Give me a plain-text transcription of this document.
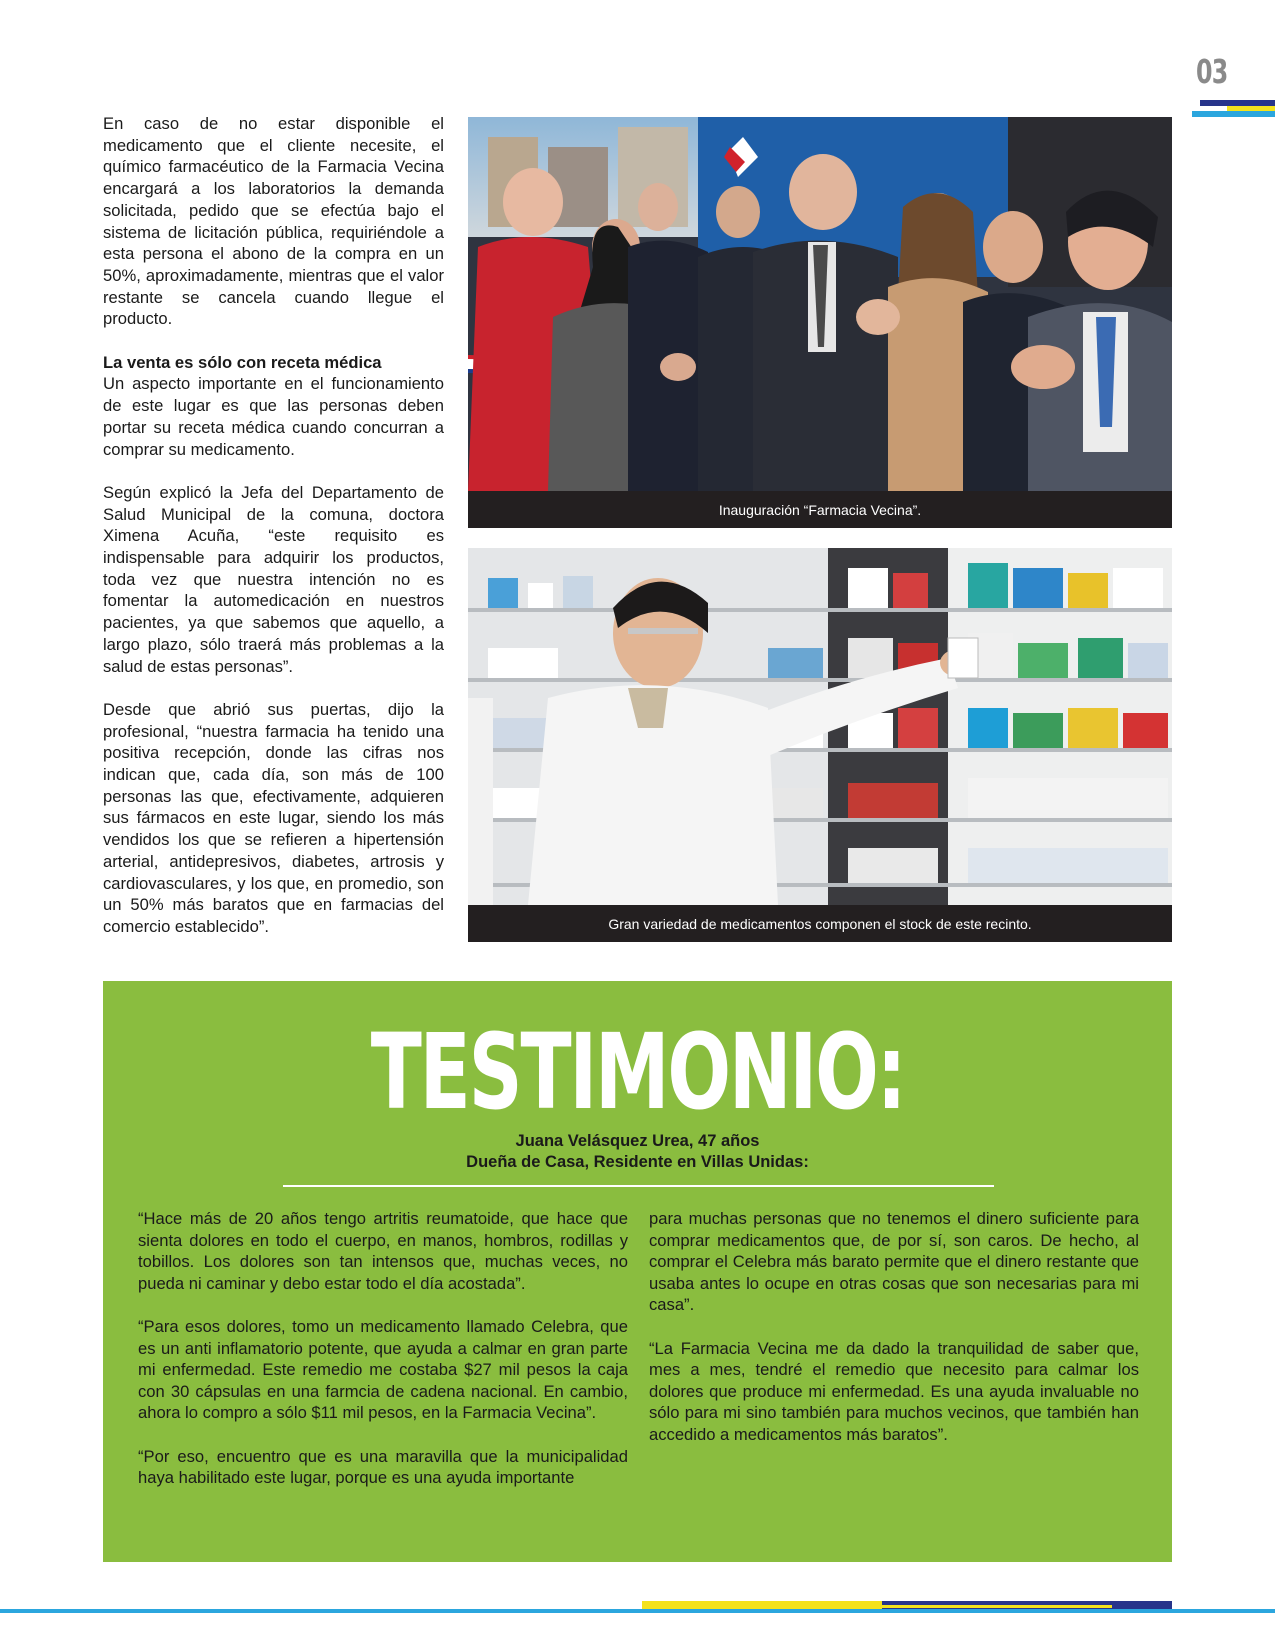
03

En caso de no estar disponible el medicamento que el cliente necesite, el químico farmacéutico de la Farmacia Vecina encargará a los laboratorios la demanda solicitada, pedido que se efectúa bajo el sistema de licitación pública, requiriéndole a esta persona el abono de la compra en un 50%, aproximadamente, mientras que el valor restante se cancela cuando llegue el producto.

La venta es sólo con receta médica

Un aspecto importante en el funcionamiento de este lugar es que las personas deben portar su receta médica cuando concurran a comprar su medicamento.

Según explicó la Jefa del Departamento de Salud Municipal de la comuna, doctora Ximena Acuña, “este requisito es indispensable para adquirir los productos, toda vez que nuestra intención no es fomentar la automedicación en nuestros pacientes, ya que sabemos que aquello, a largo plazo, sólo traerá más problemas a la salud de estas personas”.

Desde que abrió sus puertas, dijo la profesional, “nuestra farmacia ha tenido una positiva recepción, donde las cifras nos indican que, cada día, son más de 100 personas las que, efectivamente, adquieren sus fármacos en este lugar, siendo los más vendidos los que se refieren a hipertensión arterial, antidepresivos, diabetes, artrosis y cardiovasculares, y los que, en promedio, son un 50% más baratos que en farmacias del comercio establecido”.

Inauguración “Farmacia Vecina”.
Gran variedad de medicamentos componen el stock de este recinto.
TESTIMONIO:
Juana Velásquez Urea, 47 años
Dueña de Casa, Residente en Villas Unidas:

“Hace más de 20 años tengo artritis reumatoide, que hace que sienta dolores en todo el cuerpo, en manos, hombros, rodillas y tobillos. Los dolores son tan intensos que, muchas veces, no pueda ni caminar y debo estar todo el día acostada”.

“Para esos dolores, tomo un medicamento llamado Celebra, que es un anti inflamatorio potente, que ayuda a calmar en gran parte mi enfermedad. Este remedio me costaba $27 mil pesos la caja con 30 cápsulas en una farmcia de cadena nacional. En cambio, ahora lo compro a sólo $11 mil pesos, en la Farmacia Vecina”.

“Por eso, encuentro que es una maravilla que la municipalidad haya habilitado este lugar, porque es una ayuda importante

para muchas personas que no tenemos el dinero suficiente para comprar medicamentos que, de por sí, son caros. De hecho, al comprar el Celebra más barato permite que el dinero restante que usaba antes lo ocupe en otras cosas que son necesarias para mi casa”.

“La Farmacia Vecina me da dado la tranquilidad de saber que, mes a mes, tendré el remedio que necesito para calmar los dolores que produce mi enfermedad. Es una ayuda invaluable no sólo para mi sino también para muchos vecinos, que también han accedido a medicamentos más baratos”.
